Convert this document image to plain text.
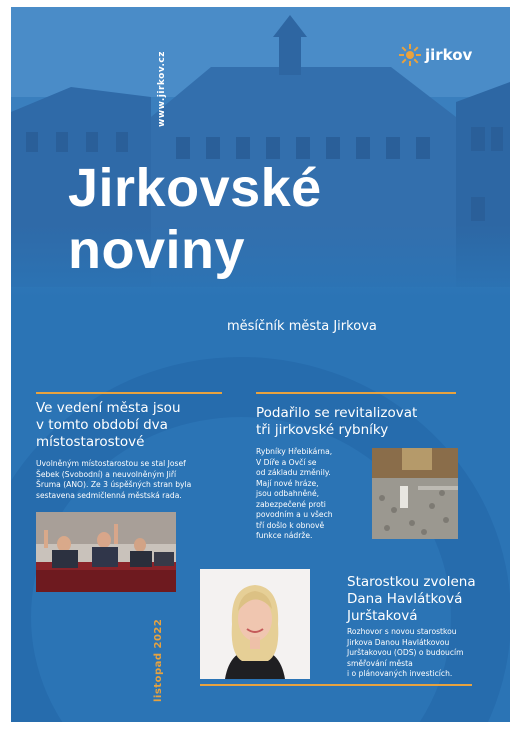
www.jirkov.cz	jirkov
Jirkovské
noviny
měsíčník města Jirkova
Ve vedení města jsou
v tomto období dva
místostarostové
Uvolněným místostarostou se stal Josef
Šebek (Svobodní) a neuvolněným Jiří
Šruma (ANO). Ze 3 úspěšných stran byla
sestavena sedmičlenná městská rada.
Podařilo se revitalizovat
tři jirkovské rybníky
Rybníky Hřebikárna,
V Díře a Ovčí se
od základu změnily.
Mají nové hráze,
jsou odbahněné,
zabezpečené proti
povodním a u všech
tří došlo k obnově
funkce nádrže.
Starostkou zvolena
Dana Havlátková
Jurštaková
Rozhovor s novou starostkou
Jirkova Danou Havlátkovou
Jurštakovou (ODS) o budoucím
směřování města
i o plánovaných investicích.
listopad 2022
